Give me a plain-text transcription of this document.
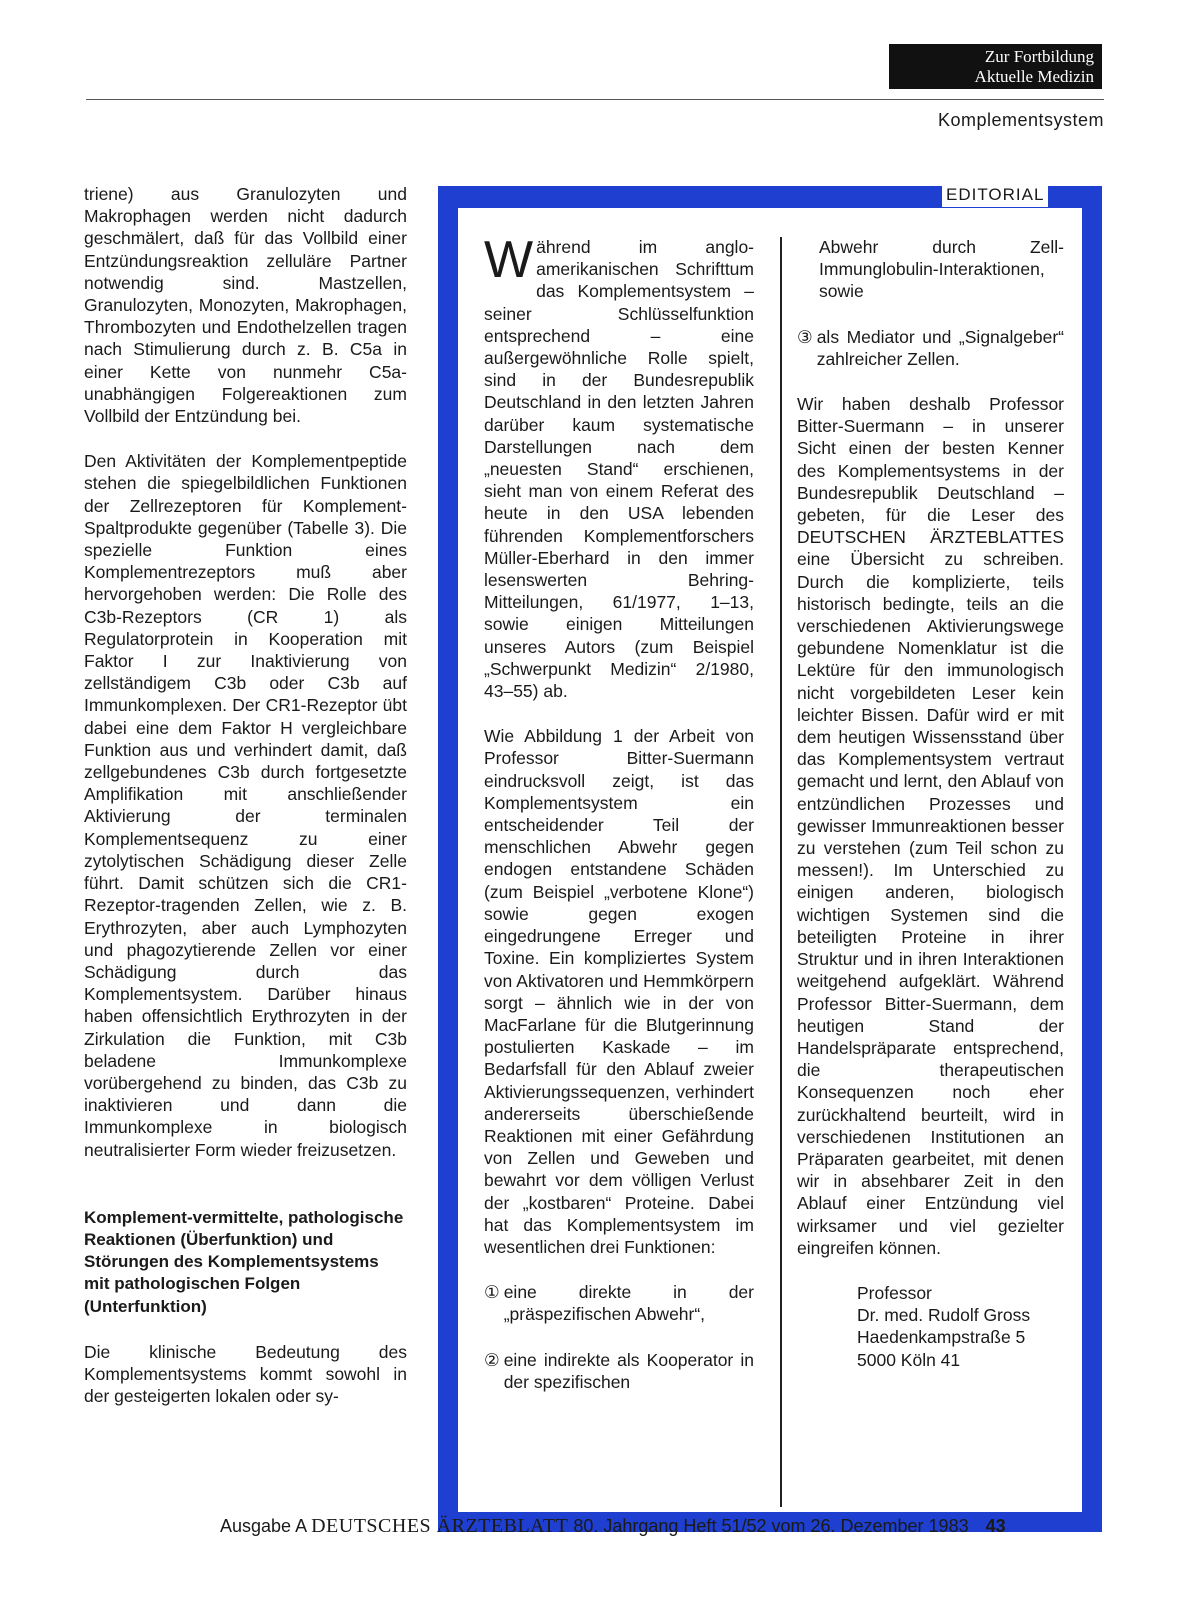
Zur Fortbildung
Aktuelle Medizin
Komplementsystem

triene) aus Granulozyten und Makrophagen werden nicht dadurch geschmälert, daß für das Vollbild einer Entzündungsreaktion zelluläre Partner notwendig sind. Mastzellen, Granulozyten, Monozyten, Makrophagen, Thrombozyten und Endothelzellen tragen nach Stimulierung durch z. B. C5a in einer Kette von nunmehr C5a-unabhängigen Folgereaktionen zum Vollbild der Entzündung bei.

Den Aktivitäten der Komplementpeptide stehen die spiegelbildlichen Funktionen der Zellrezeptoren für Komplement-Spaltprodukte gegenüber (Tabelle 3). Die spezielle Funktion eines Komplementrezeptors muß aber hervorgehoben werden: Die Rolle des C3b-Rezeptors (CR 1) als Regulatorprotein in Kooperation mit Faktor I zur Inaktivierung von zellständigem C3b oder C3b auf Immunkomplexen. Der CR1-Rezeptor übt dabei eine dem Faktor H vergleichbare Funktion aus und verhindert damit, daß zellgebundenes C3b durch fortgesetzte Amplifikation mit anschließender Aktivierung der terminalen Komplementsequenz zu einer zytolytischen Schädigung dieser Zelle führt. Damit schützen sich die CR1-Rezeptor-tragenden Zellen, wie z. B. Erythrozyten, aber auch Lymphozyten und phagozytierende Zellen vor einer Schädigung durch das Komplementsystem. Darüber hinaus haben offensichtlich Erythrozyten in der Zirkulation die Funktion, mit C3b beladene Immunkomplexe vorübergehend zu binden, das C3b zu inaktivieren und dann die Immunkomplexe in biologisch neutralisierter Form wieder freizusetzen.

Komplement-vermittelte, pathologische Reaktionen (Überfunktion) und Störungen des Komplementsystems mit pathologischen Folgen (Unterfunktion)

Die klinische Bedeutung des Komplementsystems kommt sowohl in der gesteigerten lokalen oder sy-

EDITORIAL

Während im anglo-amerikanischen Schrifttum das Komplementsystem – seiner Schlüsselfunktion entsprechend – eine außergewöhnliche Rolle spielt, sind in der Bundesrepublik Deutschland in den letzten Jahren darüber kaum systematische Darstellungen nach dem „neuesten Stand“ erschienen, sieht man von einem Referat des heute in den USA lebenden führenden Komplementforschers Müller-Eberhard in den immer lesenswerten Behring-Mitteilungen, 61/1977, 1–13, sowie einigen Mitteilungen unseres Autors (zum Beispiel „Schwerpunkt Medizin“ 2/1980, 43–55) ab.

Wie Abbildung 1 der Arbeit von Professor Bitter-Suermann eindrucksvoll zeigt, ist das Komplementsystem ein entscheidender Teil der menschlichen Abwehr gegen endogen entstandene Schäden (zum Beispiel „verbotene Klone“) sowie gegen exogen eingedrungene Erreger und Toxine. Ein kompliziertes System von Aktivatoren und Hemmkörpern sorgt – ähnlich wie in der von MacFarlane für die Blutgerinnung postulierten Kaskade – im Bedarfsfall für den Ablauf zweier Aktivierungssequenzen, verhindert andererseits überschießende Reaktionen mit einer Gefährdung von Zellen und Geweben und bewahrt vor dem völligen Verlust der „kostbaren“ Proteine. Dabei hat das Komplementsystem im wesentlichen drei Funktionen:

① eine direkte in der „präspezifischen Abwehr“,

② eine indirekte als Kooperator in der spezifischen

Abwehr durch Zell-Immunglobulin-Interaktionen, sowie

③ als Mediator und „Signalgeber“ zahlreicher Zellen.

Wir haben deshalb Professor Bitter-Suermann – in unserer Sicht einen der besten Kenner des Komplementsystems in der Bundesrepublik Deutschland – gebeten, für die Leser des DEUTSCHEN ÄRZTEBLATTES eine Übersicht zu schreiben. Durch die komplizierte, teils historisch bedingte, teils an die verschiedenen Aktivierungswege gebundene Nomenklatur ist die Lektüre für den immunologisch nicht vorgebildeten Leser kein leichter Bissen. Dafür wird er mit dem heutigen Wissensstand über das Komplementsystem vertraut gemacht und lernt, den Ablauf von entzündlichen Prozesses und gewisser Immunreaktionen besser zu verstehen (zum Teil schon zu messen!). Im Unterschied zu einigen anderen, biologisch wichtigen Systemen sind die beteiligten Proteine in ihrer Struktur und in ihren Interaktionen weitgehend aufgeklärt. Während Professor Bitter-Suermann, dem heutigen Stand der Handelspräparate entsprechend, die therapeutischen Konsequenzen noch eher zurückhaltend beurteilt, wird in verschiedenen Institutionen an Präparaten gearbeitet, mit denen wir in absehbarer Zeit in den Ablauf einer Entzündung viel wirksamer und viel gezielter eingreifen können.

Professor
Dr. med. Rudolf Gross
Haedenkampstraße 5
5000 Köln 41
Ausgabe A DEUTSCHES ÄRZTEBLATT 80. Jahrgang Heft 51/52 vom 26. Dezember 1983 43
